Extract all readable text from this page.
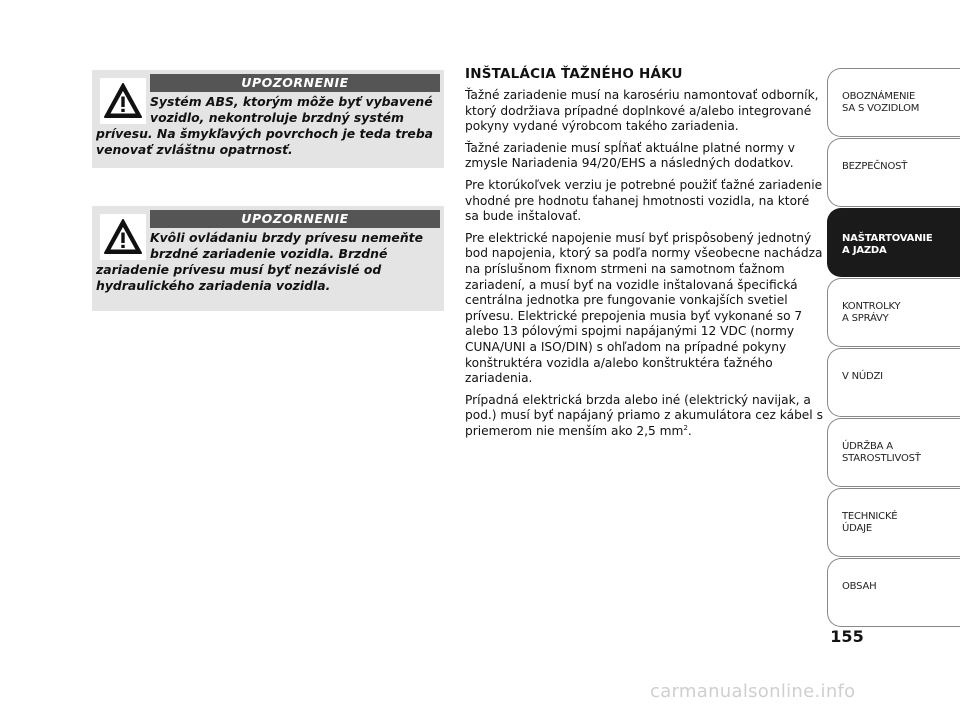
UPOZORNENIE
Systém ABS, ktorým môže byť vybavené
vozidlo, nekontroluje brzdný systém
prívesu. Na šmykľavých povrchoch je teda treba
venovať zvláštnu opatrnosť.
UPOZORNENIE
Kvôli ovládaniu brzdy prívesu nemeňte
brzdné zariadenie vozidla. Brzdné
zariadenie prívesu musí byť nezávislé od
hydraulického zariadenia vozidla.
INŠTALÁCIA ŤAŽNÉHO HÁKU

Ťažné zariadenie musí na karosériu namontovať odborník, ktorý dodržiava prípadné doplnkové a/alebo integrované pokyny vydané výrobcom takého zariadenia.

Ťažné zariadenie musí spĺňať aktuálne platné normy v zmysle Nariadenia 94/20/EHS a následných dodatkov.

Pre ktorúkoľvek verziu je potrebné použiť ťažné zariadenie vhodné pre hodnotu ťahanej hmotnosti vozidla, na ktoré sa bude inštalovať.

Pre elektrické napojenie musí byť prispôsobený jednotný bod napojenia, ktorý sa podľa normy všeobecne nachádza na príslušnom fixnom strmeni na samotnom ťažnom zariadení, a musí byť na vozidle inštalovaná špecifická centrálna jednotka pre fungovanie vonkajších svetiel prívesu. Elektrické prepojenia musia byť vykonané so 7 alebo 13 pólovými spojmi napájanými 12 VDC (normy CUNA/UNI a ISO/DIN) s ohľadom na prípadné pokyny konštruktéra vozidla a/alebo konštruktéra ťažného zariadenia.

Prípadná elektrická brzda alebo iné (elektrický navijak, a pod.) musí byť napájaný priamo z akumulátora cez kábel s priemerom nie menším ako 2,5 $mm^2$.

OBOZNÁMENIE
SA S VOZIDLOM
BEZPEČNOSŤ
NAŠTARTOVANIE
A JAZDA
KONTROLKY
A SPRÁVY
V NÚDZI
ÚDRŽBA A
STAROSTLIVOSŤ
TECHNICKÉ
ÚDAJE
OBSAH
155
carmanualsonline.info
